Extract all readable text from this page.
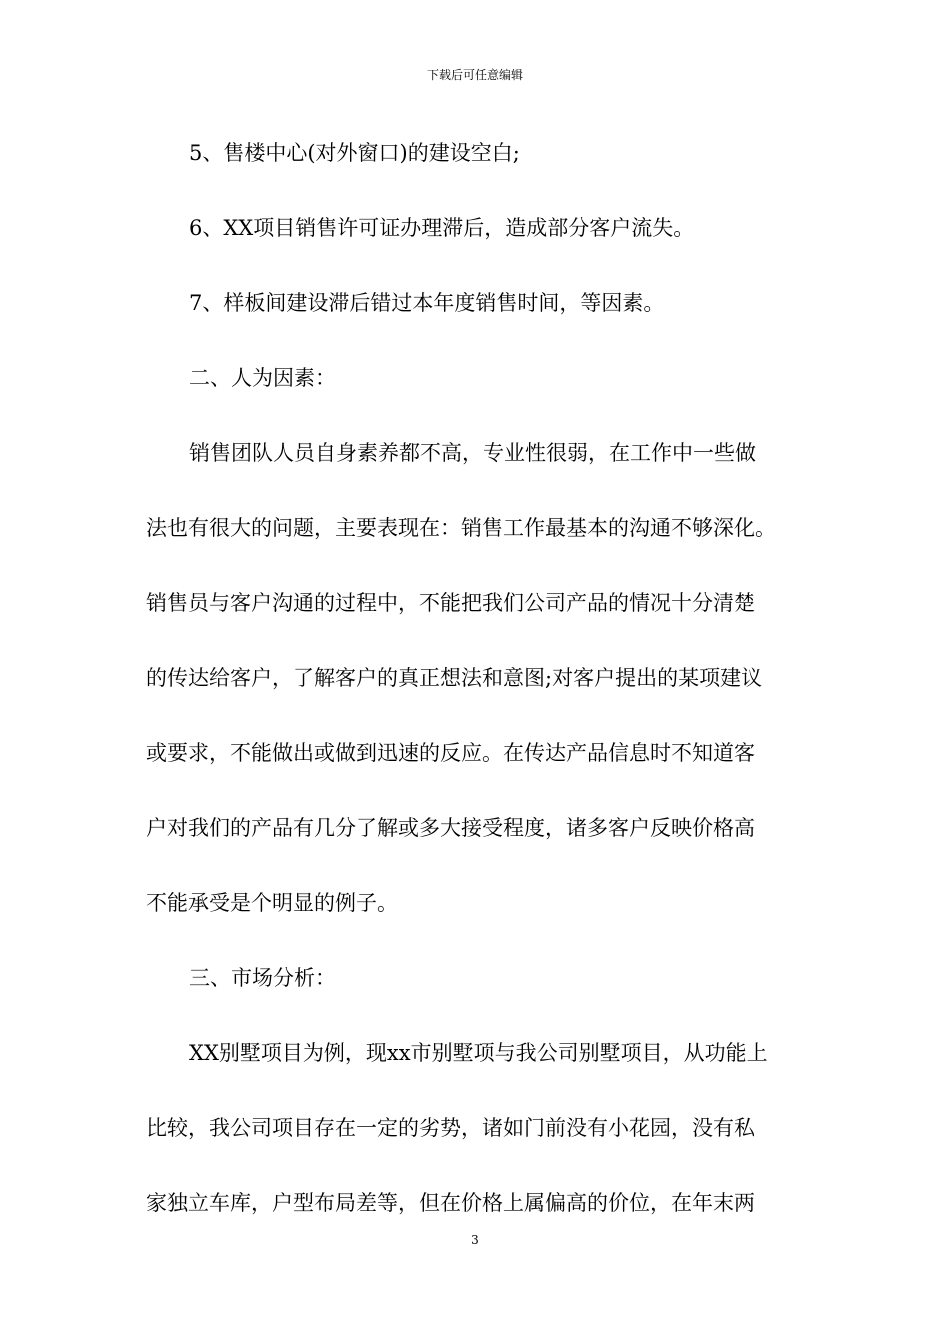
下载后可任意编辑
5、售楼中心(对外窗口)的建设空白;
6、XX项目销售许可证办理滞后，造成部分客户流失。
7、样板间建设滞后错过本年度销售时间，等因素。
二、人为因素：
销售团队人员自身素养都不高，专业性很弱，在工作中一些做
法也有很大的问题，主要表现在：销售工作最基本的沟通不够深化。
销售员与客户沟通的过程中，不能把我们公司产品的情况十分清楚
的传达给客户，了解客户的真正想法和意图;对客户提出的某项建议
或要求，不能做出或做到迅速的反应。在传达产品信息时不知道客
户对我们的产品有几分了解或多大接受程度，诸多客户反映价格高
不能承受是个明显的例子。
三、市场分析：
XX别墅项目为例，现xx市别墅项与我公司别墅项目，从功能上
比较，我公司项目存在一定的劣势，诸如门前没有小花园，没有私
家独立车库，户型布局差等，但在价格上属偏高的价位，在年末两
3
